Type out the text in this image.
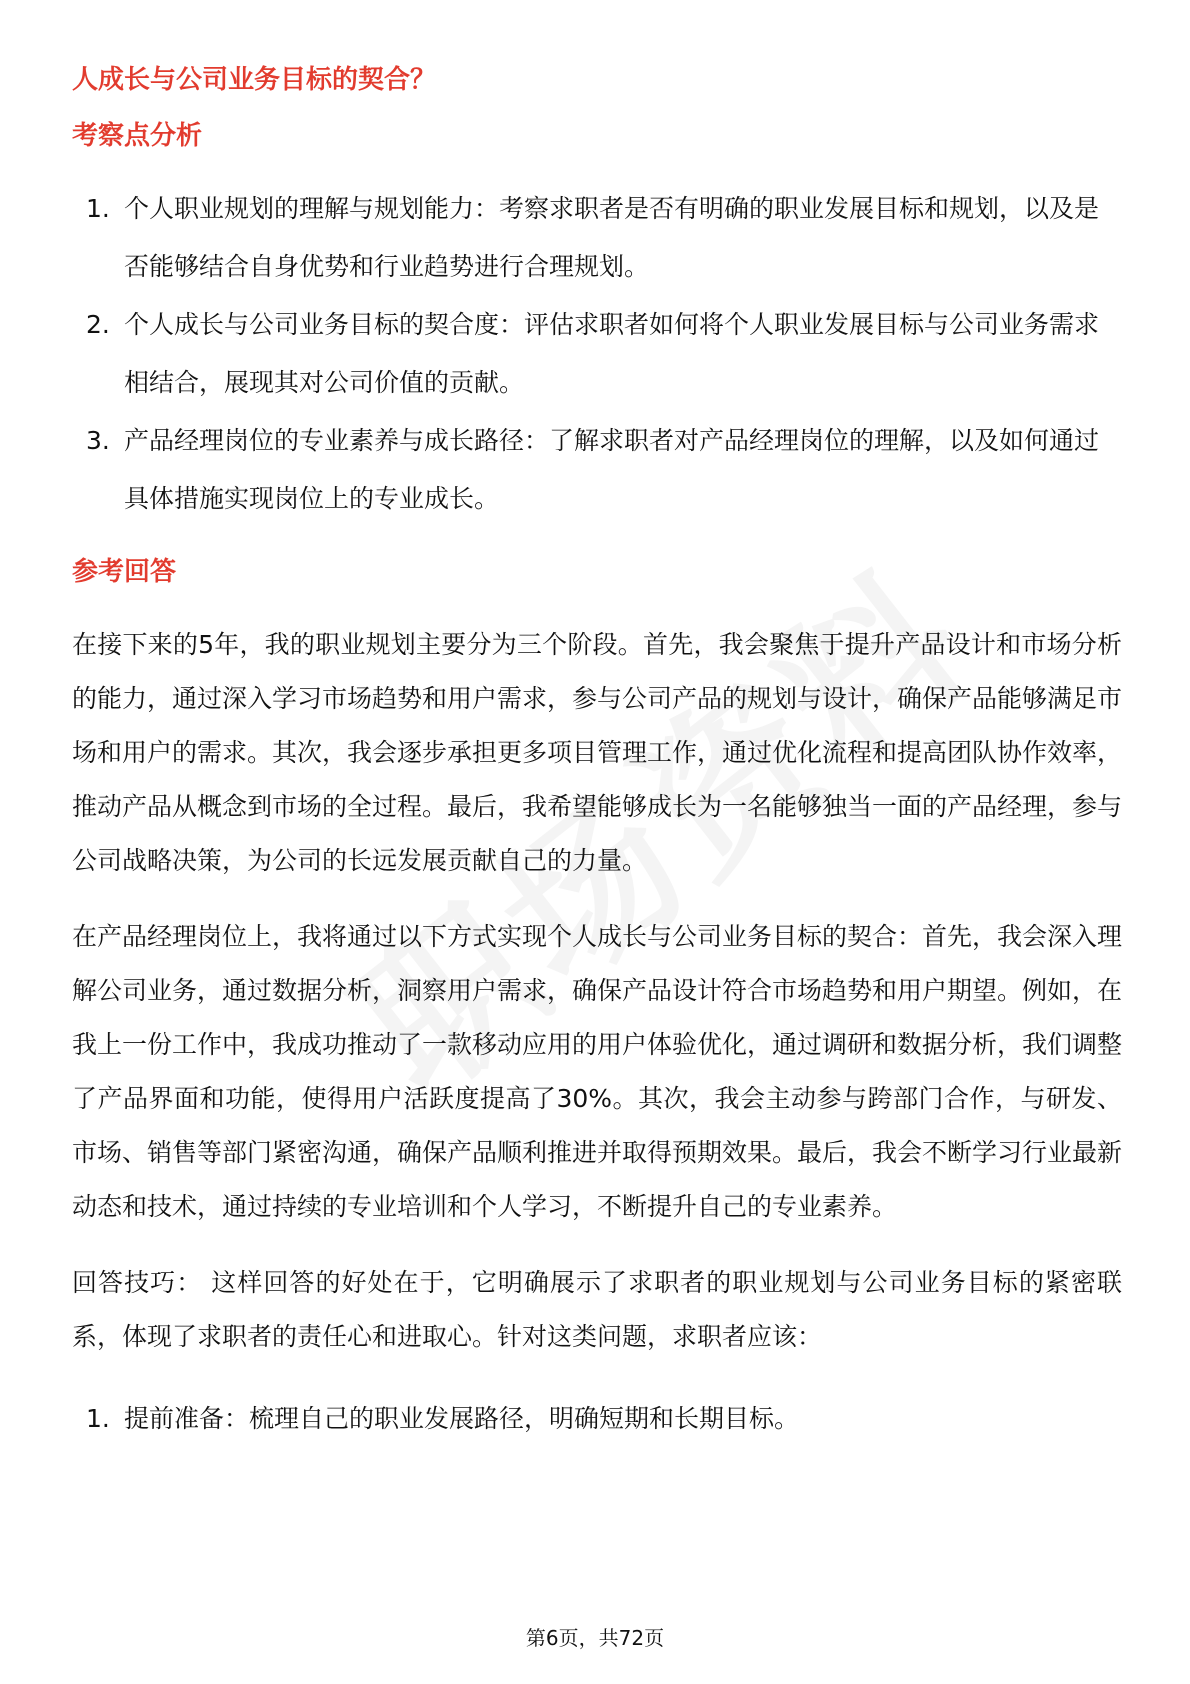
人成长与公司业务目标的契合？
考察点分析
1. 个人职业规划的理解与规划能力：考察求职者是否有明确的职业发展目标和规划，以及是否能够结合自身优势和行业趋势进行合理规划。
2. 个人成长与公司业务目标的契合度：评估求职者如何将个人职业发展目标与公司业务需求相结合，展现其对公司价值的贡献。
3. 产品经理岗位的专业素养与成长路径：了解求职者对产品经理岗位的理解，以及如何通过具体措施实现岗位上的专业成长。
参考回答

在接下来的5年，我的职业规划主要分为三个阶段。首先，我会聚焦于提升产品设计和市场分析的能力，通过深入学习市场趋势和用户需求，参与公司产品的规划与设计，确保产品能够满足市场和用户的需求。其次，我会逐步承担更多项目管理工作，通过优化流程和提高团队协作效率，推动产品从概念到市场的全过程。最后，我希望能够成长为一名能够独当一面的产品经理，参与公司战略决策，为公司的长远发展贡献自己的力量。

在产品经理岗位上，我将通过以下方式实现个人成长与公司业务目标的契合：首先，我会深入理解公司业务，通过数据分析，洞察用户需求，确保产品设计符合市场趋势和用户期望。例如，在我上一份工作中，我成功推动了一款移动应用的用户体验优化，通过调研和数据分析，我们调整了产品界面和功能，使得用户活跃度提高了30%。其次，我会主动参与跨部门合作，与研发、市场、销售等部门紧密沟通，确保产品顺利推进并取得预期效果。最后，我会不断学习行业最新动态和技术，通过持续的专业培训和个人学习，不断提升自己的专业素养。

回答技巧： 这样回答的好处在于，它明确展示了求职者的职业规划与公司业务目标的紧密联系，体现了求职者的责任心和进取心。针对这类问题，求职者应该：

1. 提前准备：梳理自己的职业发展路径，明确短期和长期目标。
第6页，共72页
